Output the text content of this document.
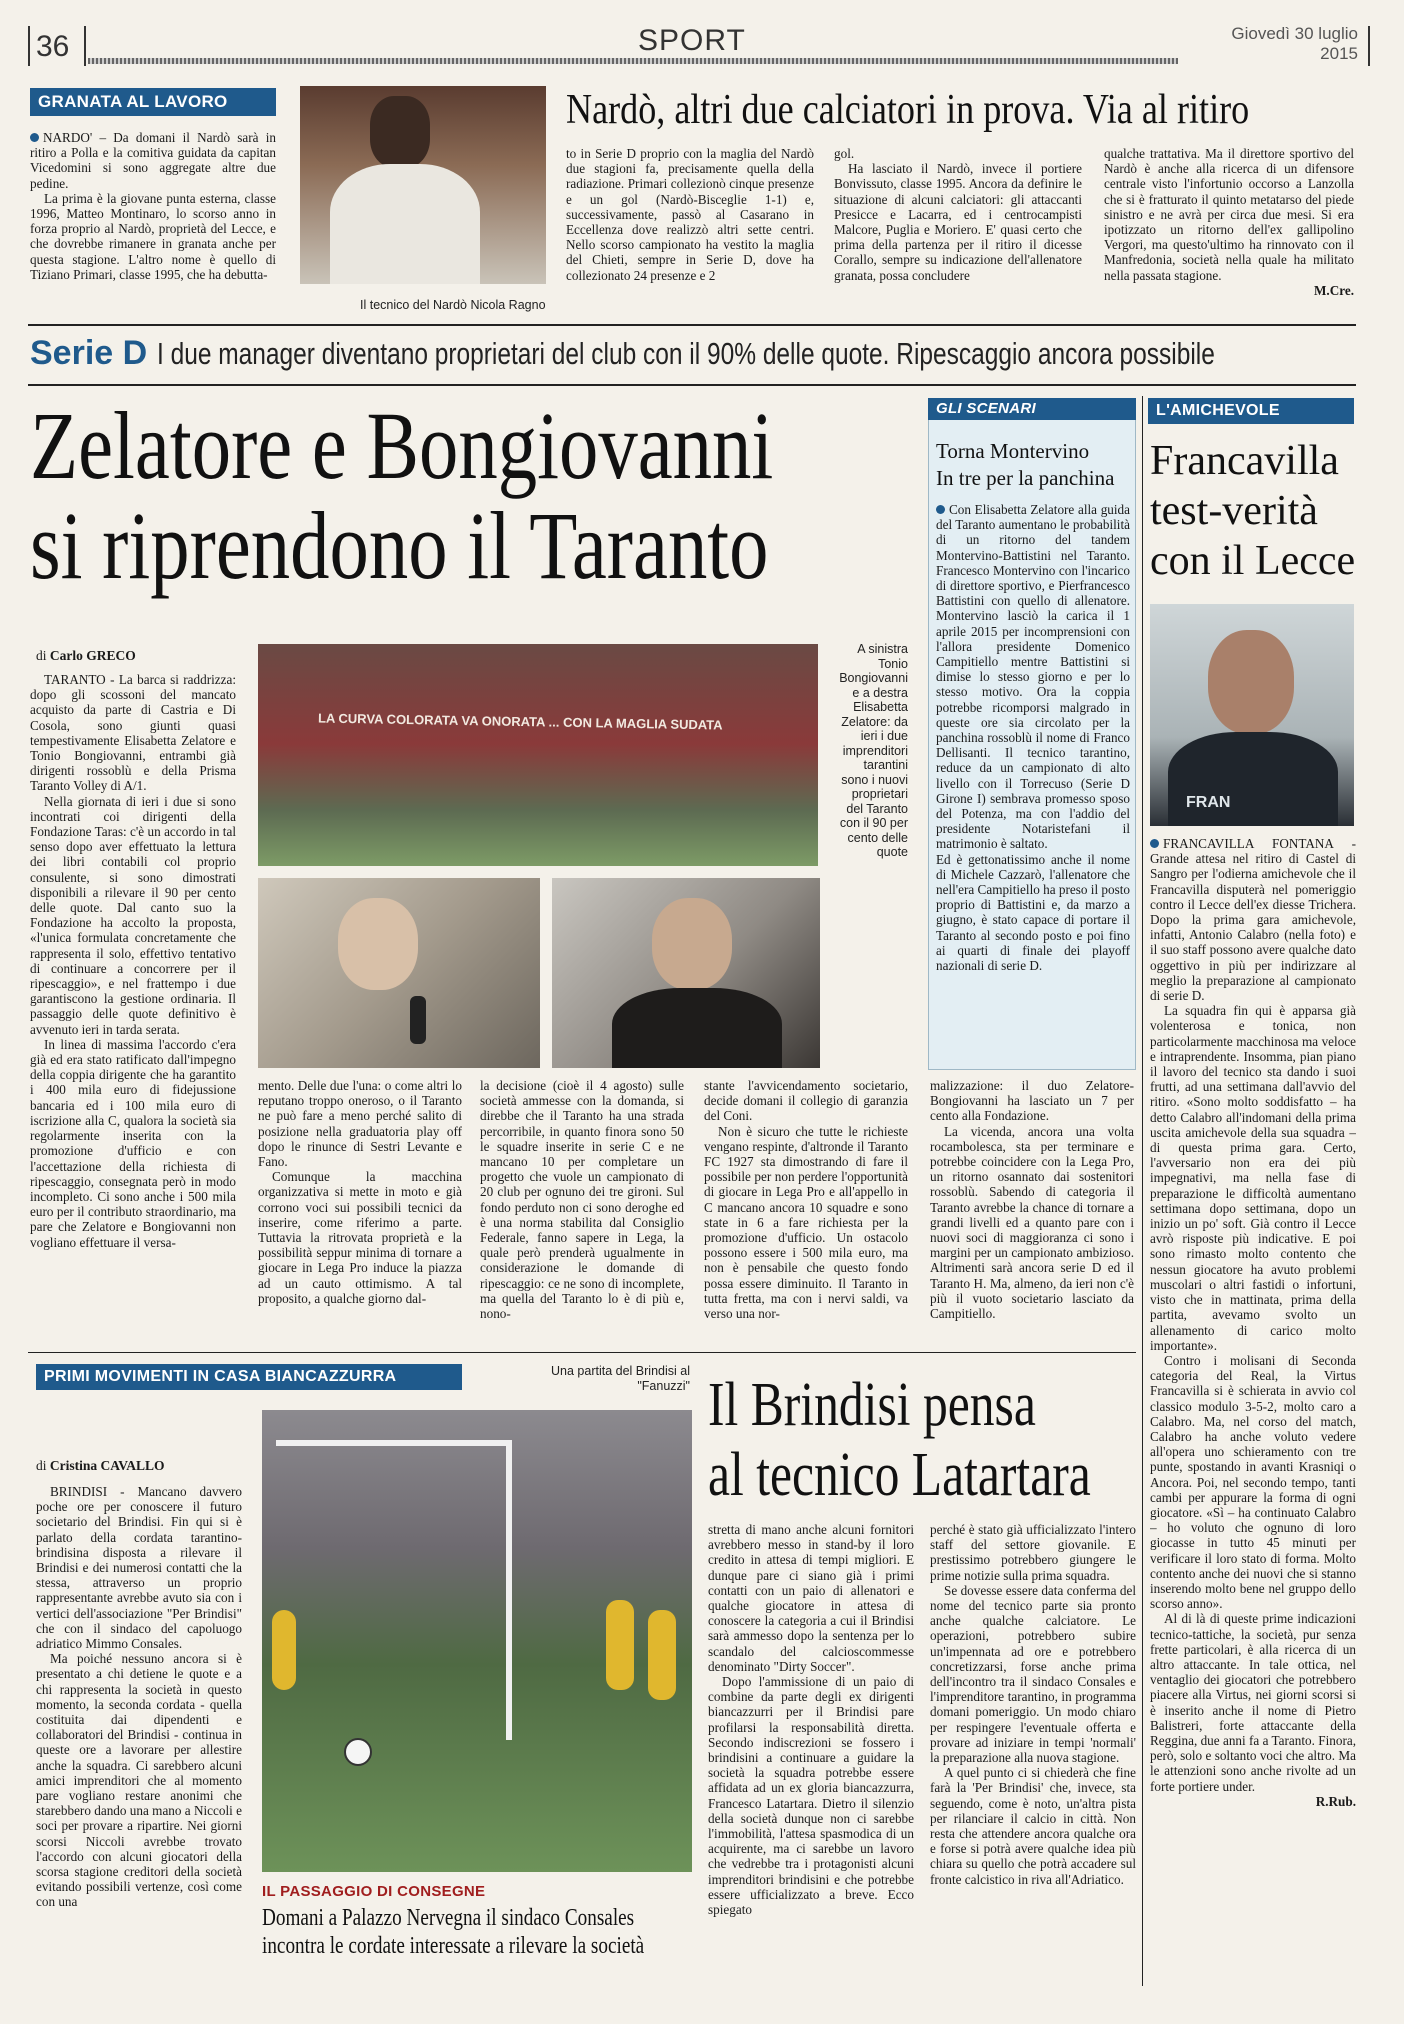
36	SPORT	Giovedì 30 luglio
2015
GRANATA AL LAVORO

NARDO' – Da domani il Nardò sarà in ritiro a Polla e la comitiva guidata da capitan Vicedomini si sono aggregate altre due pedine.

La prima è la giovane punta esterna, classe 1996, Matteo Montinaro, lo scorso anno in forza proprio al Nardò, proprietà del Lecce, e che dovrebbe rimanere in granata anche per questa stagione. L'altro nome è quello di Tiziano Primari, classe 1995, che ha debutta-

Il tecnico del Nardò Nicola Ragno
Nardò, altri due calciatori in prova. Via al ritiro

to in Serie D proprio con la maglia del Nardò due stagioni fa, precisamente quella della radiazione. Primari collezionò cinque presenze e un gol (Nardò-Bisceglie 1-1) e, successivamente, passò al Casarano in Eccellenza dove realizzò altri sette centri. Nello scorso campionato ha vestito la maglia del Chieti, sempre in Serie D, dove ha collezionato 24 presenze e 2

gol.

Ha lasciato il Nardò, invece il portiere Bonvissuto, classe 1995. Ancora da definire le situazione di alcuni calciatori: gli attaccanti Presicce e Lacarra, ed i centrocampisti Malcore, Puglia e Moriero. E' quasi certo che prima della partenza per il ritiro il dicesse Corallo, sempre su indicazione dell'allenatore granata, possa concludere

qualche trattativa. Ma il direttore sportivo del Nardò è anche alla ricerca di un difensore centrale visto l'infortunio occorso a Lanzolla che si è fratturato il quinto metatarso del piede sinistro e ne avrà per circa due mesi. Si era ipotizzato un ritorno dell'ex gallipolino Vergori, ma questo'ultimo ha rinnovato con il Manfredonia, società nella quale ha militato nella passata stagione.

M.Cre.
Serie D I due manager diventano proprietari del club con il 90% delle quote. Ripescaggio ancora possibile
Zelatore e Bongiovanni
si riprendono il Taranto
di Carlo GRECO
LA CURVA COLORATA VA ONORATA ... CON LA MAGLIA SUDATA
A sinistra Tonio Bongiovanni e a destra Elisabetta Zelatore: da ieri i due imprenditori tarantini sono i nuovi proprietari del Taranto con il 90 per cento delle quote

TARANTO - La barca si raddrizza: dopo gli scossoni del mancato acquisto da parte di Castria e Di Cosola, sono giunti quasi tempestivamente Elisabetta Zelatore e Tonio Bongiovanni, entrambi già dirigenti rossoblù e della Prisma Taranto Volley di A/1.

Nella giornata di ieri i due si sono incontrati coi dirigenti della Fondazione Taras: c'è un accordo in tal senso dopo aver effettuato la lettura dei libri contabili col proprio consulente, si sono dimostrati disponibili a rilevare il 90 per cento delle quote. Dal canto suo la Fondazione ha accolto la proposta, «l'unica formulata concretamente che rappresenta il solo, effettivo tentativo di continuare a concorrere per il ripescaggio», e nel frattempo i due garantiscono la gestione ordinaria. Il passaggio delle quote definitivo è avvenuto ieri in tarda serata.

In linea di massima l'accordo c'era già ed era stato ratificato dall'impegno della coppia dirigente che ha garantito i 400 mila euro di fidejussione bancaria ed i 100 mila euro di iscrizione alla C, qualora la società sia regolarmente inserita con la promozione d'ufficio e con l'accettazione della richiesta di ripescaggio, consegnata però in modo incompleto. Ci sono anche i 500 mila euro per il contributo straordinario, ma pare che Zelatore e Bongiovanni non vogliano effettuare il versa-

mento. Delle due l'una: o come altri lo reputano troppo oneroso, o il Taranto ne può fare a meno perché salito di posizione nella graduatoria play off dopo le rinunce di Sestri Levante e Fano.

Comunque la macchina organizzativa si mette in moto e già corrono voci sui possibili tecnici da inserire, come riferimo a parte. Tuttavia la ritrovata proprietà e la possibilità seppur minima di tornare a giocare in Lega Pro induce la piazza ad un cauto ottimismo. A tal proposito, a qualche giorno dal-

la decisione (cioè il 4 agosto) sulle società ammesse con la domanda, si direbbe che il Taranto ha una strada percorribile, in quanto finora sono 50 le squadre inserite in serie C e ne mancano 10 per completare un progetto che vuole un campionato di 20 club per ognuno dei tre gironi. Sul fondo perduto non ci sono deroghe ed è una norma stabilita dal Consiglio Federale, fanno sapere in Lega, la quale però prenderà ugualmente in considerazione le domande di ripescaggio: ce ne sono di incomplete, ma quella del Taranto lo è di più e, nono-

stante l'avvicendamento societario, decide domani il collegio di garanzia del Coni.

Non è sicuro che tutte le richieste vengano respinte, d'altronde il Taranto FC 1927 sta dimostrando di fare il possibile per non perdere l'opportunità di giocare in Lega Pro e all'appello in C mancano ancora 10 squadre e sono state in 6 a fare richiesta per la promozione d'ufficio. Un ostacolo possono essere i 500 mila euro, ma non è pensabile che questo fondo possa essere diminuito. Il Taranto in tutta fretta, ma con i nervi saldi, va verso una nor-

malizzazione: il duo Zelatore-Bongiovanni ha lasciato un 7 per cento alla Fondazione.

La vicenda, ancora una volta rocambolesca, sta per terminare e potrebbe coincidere con la Lega Pro, un ritorno osannato dai sostenitori rossoblù. Sabendo di categoria il Taranto avrebbe la chance di tornare a grandi livelli ed a quanto pare con i nuovi soci di maggioranza ci sono i margini per un campionato ambizioso. Altrimenti sarà ancora serie D ed il Taranto H. Ma, almeno, da ieri non c'è più il vuoto societario lasciato da Campitiello.

GLI SCENARI
Torna Montervino
In tre per la panchina

Con Elisabetta Zelatore alla guida del Taranto aumentano le probabilità di un ritorno del tandem Montervino-Battistini nel Taranto. Francesco Montervino con l'incarico di direttore sportivo, e Pierfrancesco Battistini con quello di allenatore. Montervino lasciò la carica il 1 aprile 2015 per incomprensioni con l'allora presidente Domenico Campitiello mentre Battistini si dimise lo stesso giorno e per lo stesso motivo. Ora la coppia potrebbe ricomporsi malgrado in queste ore sia circolato per la panchina rossoblù il nome di Franco Dellisanti. Il tecnico tarantino, reduce da un campionato di alto livello con il Torrecuso (Serie D Girone I) sembrava promesso sposo del Potenza, ma con l'addio del presidente Notaristefani il matrimonio è saltato.

Ed è gettonatissimo anche il nome di Michele Cazzarò, l'allenatore che nell'era Campitiello ha preso il posto proprio di Battistini e, da marzo a giugno, è stato capace di portare il Taranto al secondo posto e poi fino ai quarti di finale dei playoff nazionali di serie D.

L'AMICHEVOLE
Francavilla
test-verità
con il Lecce
FRAN

FRANCAVILLA FONTANA - Grande attesa nel ritiro di Castel di Sangro per l'odierna amichevole che il Francavilla disputerà nel pomeriggio contro il Lecce dell'ex diesse Trichera. Dopo la prima gara amichevole, infatti, Antonio Calabro (nella foto) e il suo staff possono avere qualche dato oggettivo in più per indirizzare al meglio la preparazione al campionato di serie D.

La squadra fin qui è apparsa già volenterosa e tonica, non particolarmente macchinosa ma veloce e intraprendente. Insomma, pian piano il lavoro del tecnico sta dando i suoi frutti, ad una settimana dall'avvio del ritiro. «Sono molto soddisfatto – ha detto Calabro all'indomani della prima uscita amichevole della sua squadra – di questa prima gara. Certo, l'avversario non era dei più impegnativi, ma nella fase di preparazione le difficoltà aumentano settimana dopo settimana, dopo un inizio un po' soft. Già contro il Lecce avrò risposte più indicative. E poi sono rimasto molto contento che nessun giocatore ha avuto problemi muscolari o altri fastidi o infortuni, visto che in mattinata, prima della partita, avevamo svolto un allenamento di carico molto importante».

Contro i molisani di Seconda categoria del Real, la Virtus Francavilla si è schierata in avvio col classico modulo 3-5-2, molto caro a Calabro. Ma, nel corso del match, Calabro ha anche voluto vedere all'opera uno schieramento con tre punte, spostando in avanti Krasniqi o Ancora. Poi, nel secondo tempo, tanti cambi per appurare la forma di ogni giocatore. «Sì – ha continuato Calabro – ho voluto che ognuno di loro giocasse in tutto 45 minuti per verificare il loro stato di forma. Molto contento anche dei nuovi che si stanno inserendo molto bene nel gruppo dello scorso anno».

Al di là di queste prime indicazioni tecnico-tattiche, la società, pur senza frette particolari, è alla ricerca di un altro attaccante. In tale ottica, nel ventaglio dei giocatori che potrebbero piacere alla Virtus, nei giorni scorsi si è inserito anche il nome di Pietro Balistreri, forte attaccante della Reggina, due anni fa a Taranto. Finora, però, solo e soltanto voci che altro. Ma le attenzioni sono anche rivolte ad un forte portiere under.

R.Rub.
PRIMI MOVIMENTI IN CASA BIANCAZZURRA	Una partita del Brindisi al "Fanuzzi" Il Brindisi pensa
al tecnico Latartara
di Cristina CAVALLO

BRINDISI - Mancano davvero poche ore per conoscere il futuro societario del Brindisi. Fin qui si è parlato della cordata tarantino-brindisina disposta a rilevare il Brindisi e dei numerosi contatti che la stessa, attraverso un proprio rappresentante avrebbe avuto sia con i vertici dell'associazione "Per Brindisi" che con il sindaco del capoluogo adriatico Mimmo Consales.

Ma poiché nessuno ancora si è presentato a chi detiene le quote e a chi rappresenta la società in questo momento, la seconda cordata - quella costituita dai dipendenti e collaboratori del Brindisi - continua in queste ore a lavorare per allestire anche la squadra. Ci sarebbero alcuni amici imprenditori che al momento pare vogliano restare anonimi che starebbero dando una mano a Niccoli e soci per provare a ripartire. Nei giorni scorsi Niccoli avrebbe trovato l'accordo con alcuni giocatori della scorsa stagione creditori della società evitando possibili vertenze, così come con una

IL PASSAGGIO DI CONSEGNE
Domani a Palazzo Nervegna il sindaco Consales
incontra le cordate interessate a rilevare la società

stretta di mano anche alcuni fornitori avrebbero messo in stand-by il loro credito in attesa di tempi migliori. E dunque pare ci siano già i primi contatti con un paio di allenatori e qualche giocatore in attesa di conoscere la categoria a cui il Brindisi sarà ammesso dopo la sentenza per lo scandalo del calcioscommesse denominato "Dirty Soccer".

Dopo l'ammissione di un paio di combine da parte degli ex dirigenti biancazzurri per il Brindisi pare profilarsi la responsabilità diretta. Secondo indiscrezioni se fossero i brindisini a continuare a guidare la società la squadra potrebbe essere affidata ad un ex gloria biancazzurra, Francesco Latartara. Dietro il silenzio della società dunque non ci sarebbe l'immobilità, l'attesa spasmodica di un acquirente, ma ci sarebbe un lavoro che vedrebbe tra i protagonisti alcuni imprenditori brindisini e che potrebbe essere ufficializzato a breve. Ecco spiegato

perché è stato già ufficializzato l'intero staff del settore giovanile. E prestissimo potrebbero giungere le prime notizie sulla prima squadra.

Se dovesse essere data conferma del nome del tecnico parte sia pronto anche qualche calciatore. Le operazioni, potrebbero subire un'impennata ad ore e potrebbero concretizzarsi, forse anche prima dell'incontro tra il sindaco Consales e l'imprenditore tarantino, in programma domani pomeriggio. Un modo chiaro per respingere l'eventuale offerta e provare ad iniziare in tempi 'normali' la preparazione alla nuova stagione.

A quel punto ci si chiederà che fine farà la 'Per Brindisi' che, invece, sta seguendo, come è noto, un'altra pista per rilanciare il calcio in città. Non resta che attendere ancora qualche ora e forse si potrà avere qualche idea più chiara su quello che potrà accadere sul fronte calcistico in riva all'Adriatico.
